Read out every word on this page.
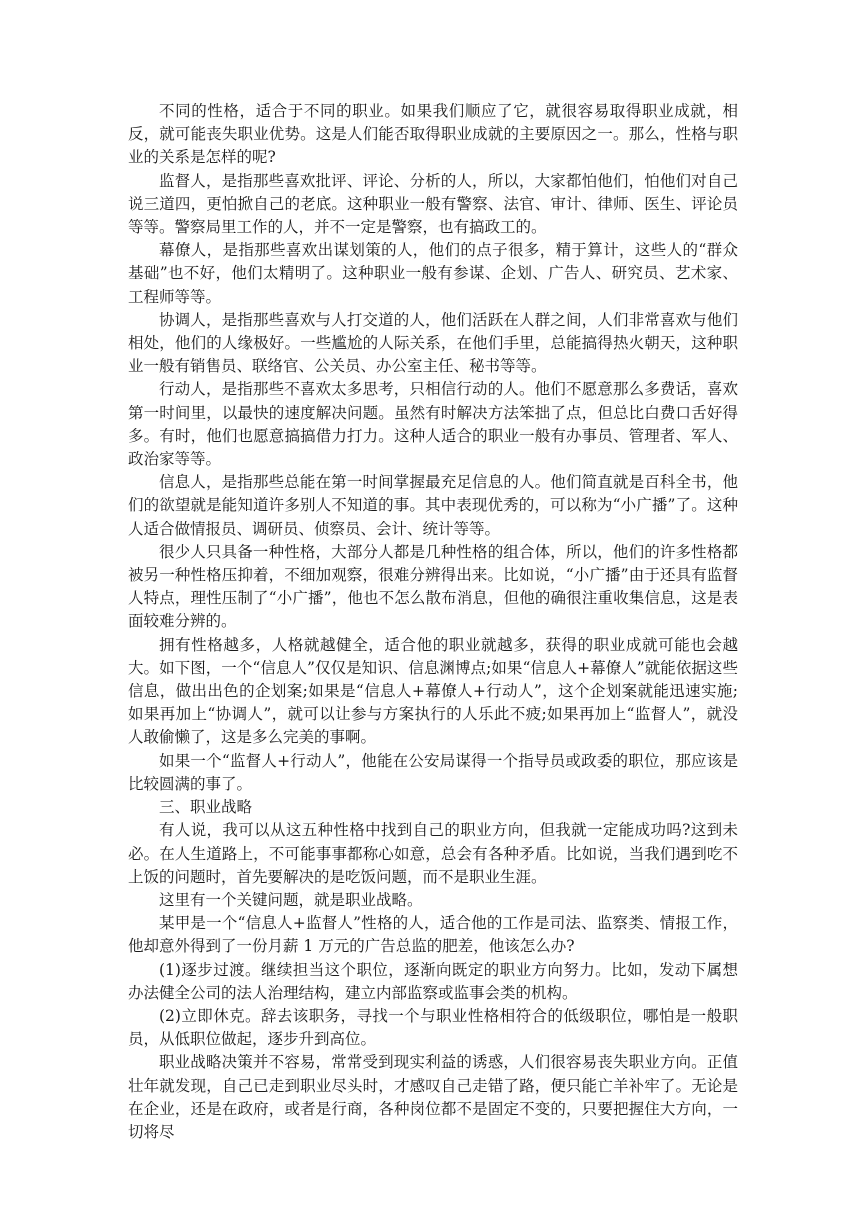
不同的性格，适合于不同的职业。如果我们顺应了它，就很容易取得职业成就，相反，就可能丧失职业优势。这是人们能否取得职业成就的主要原因之一。那么，性格与职业的关系是怎样的呢?

监督人，是指那些喜欢批评、评论、分析的人，所以，大家都怕他们，怕他们对自己说三道四，更怕掀自己的老底。这种职业一般有警察、法官、审计、律师、医生、评论员等等。警察局里工作的人，并不一定是警察，也有搞政工的。

幕僚人，是指那些喜欢出谋划策的人，他们的点子很多，精于算计，这些人的“群众基础”也不好，他们太精明了。这种职业一般有参谋、企划、广告人、研究员、艺术家、工程师等等。

协调人，是指那些喜欢与人打交道的人，他们活跃在人群之间，人们非常喜欢与他们相处，他们的人缘极好。一些尴尬的人际关系，在他们手里，总能搞得热火朝天，这种职业一般有销售员、联络官、公关员、办公室主任、秘书等等。

行动人，是指那些不喜欢太多思考，只相信行动的人。他们不愿意那么多费话，喜欢第一时间里，以最快的速度解决问题。虽然有时解决方法笨拙了点，但总比白费口舌好得多。有时，他们也愿意搞搞借力打力。这种人适合的职业一般有办事员、管理者、军人、政治家等等。

信息人，是指那些总能在第一时间掌握最充足信息的人。他们简直就是百科全书，他们的欲望就是能知道许多别人不知道的事。其中表现优秀的，可以称为“小广播”了。这种人适合做情报员、调研员、侦察员、会计、统计等等。

很少人只具备一种性格，大部分人都是几种性格的组合体，所以，他们的许多性格都被另一种性格压抑着，不细加观察，很难分辨得出来。比如说，“小广播”由于还具有监督人特点，理性压制了“小广播”，他也不怎么散布消息，但他的确很注重收集信息，这是表面较难分辨的。

拥有性格越多，人格就越健全，适合他的职业就越多，获得的职业成就可能也会越大。如下图，一个“信息人”仅仅是知识、信息渊博点;如果“信息人+幕僚人”就能依据这些信息，做出出色的企划案;如果是“信息人+幕僚人+行动人”，这个企划案就能迅速实施;如果再加上“协调人”，就可以让参与方案执行的人乐此不疲;如果再加上“监督人”，就没人敢偷懒了，这是多么完美的事啊。

如果一个“监督人+行动人”，他能在公安局谋得一个指导员或政委的职位，那应该是比较圆满的事了。

三、职业战略

有人说，我可以从这五种性格中找到自己的职业方向，但我就一定能成功吗?这到未必。在人生道路上，不可能事事都称心如意，总会有各种矛盾。比如说，当我们遇到吃不上饭的问题时，首先要解决的是吃饭问题，而不是职业生涯。

这里有一个关键问题，就是职业战略。

某甲是一个“信息人+监督人”性格的人，适合他的工作是司法、监察类、情报工作，他却意外得到了一份月薪 1 万元的广告总监的肥差，他该怎么办?

(1)逐步过渡。继续担当这个职位，逐渐向既定的职业方向努力。比如，发动下属想办法健全公司的法人治理结构，建立内部监察或监事会类的机构。

(2)立即休克。辞去该职务，寻找一个与职业性格相符合的低级职位，哪怕是一般职员，从低职位做起，逐步升到高位。

职业战略决策并不容易，常常受到现实利益的诱惑，人们很容易丧失职业方向。正值壮年就发现，自己已走到职业尽头时，才感叹自己走错了路，便只能亡羊补牢了。无论是在企业，还是在政府，或者是行商，各种岗位都不是固定不变的，只要把握住大方向，一切将尽
